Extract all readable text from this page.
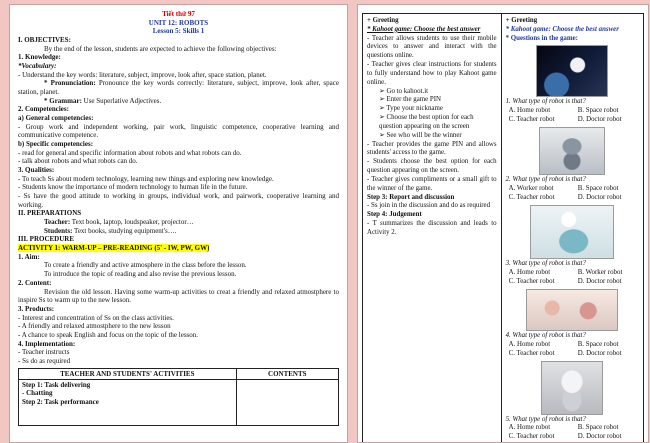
Tiết thứ 97

UNIT 12: ROBOTS

Lesson 5: Skills 1

I. OBJECTIVES:

By the end of the lesson, students are expected to achieve the following objectives:

1. Knowledge:

*Vocabulary:

- Understand the key words: literature, subject, improve, look after, space station, planet.

* Pronunciation: Pronounce the key words correctly: literature, subject, improve, look after, space station, planet.

* Grammar: Use Superlative Adjectives.

2. Competencies:

a) General competencies:

- Group work and independent working, pair work, linguistic competence, cooperative learning and communicative competence.

b) Specific competencies:

- read for general and specific information about robots and what robots can do.

- talk about robots and what robots can do.

3. Qualities:

- To teach Ss about modern technology, learning new things and exploring new knowledge.

- Students know the importance of modern technology to human life in the future.

- Ss have the good attitude to working in groups, individual work, and pairwork, cooperative learning and working.

II. PREPARATIONS

Teacher: Text book, laptop, loudspeaker, projector…

Students: Text books, studying equipment's….

III. PROCEDURE

ACTIVITY 1: WARM-UP – PRE-READING (5' - IW, PW, GW)

1. Aim:

To create a friendly and active atmosphere in the class before the lesson.

To introduce the topic of reading and also revise the previous lesson.

2. Content:

Revision the old lesson. Having some warm-up activities to creat a friendly and relaxed atmostphere to inspire Ss to warm up to the new lesson.

3. Products:

- Interest and concentration of Ss on the class activities.

- A friendly and relaxed atmostphere to the new lesson

- A chance to speak English and focus on the topic of the lesson.

4. Implementation:

- Teacher instructs

- Ss do as required

TEACHER AND STUDENTS' ACTIVITIES	CONTENTS

Step 1: Task delivering

- Chatting

Step 2: Task performance	

+ Greeting

* Kahoot game: Choose the best answer

- Teacher allows students to use their mobile devices to answer and interact with the questions online.

- Teacher gives clear instructions for students to fully understand how to play Kahoot game online.

➢ Go to kahoot.it

➢ Enter the game PIN

➢ Type your nickname

➢ Choose the best option for each question appearing on the screen

➢ See who will be the winner

- Teacher provides the game PIN and allows students' access to the game.

- Students choose the best option for each question appearing on the screen.

- Teacher gives compliments or a small gift to the winner of the game.

Step 3: Report and discussion

- Ss join in the discussion and do as required

Step 4: Judgement

- T summarizes the discussion and leads to Activity 2.

+ Greeting

* Kahoot game: Choose the best answer

* Questions in the game:

1. What type of robot is that?

A. Home robot	B. Space robot
C. Teacher robot	D. Doctor robot

2. What type of robot is that?

A. Worker robot	B. Space robot
C. Teacher robot	D. Doctor robot

3. What type of robot is that?

A. Home robot	B. Worker robot
C. Teacher robot	D. Doctor robot

4. What type of robot is that?

A. Home robot	B. Space robot
C. Teacher robot	D. Doctor robot

5. What type of robot is that?

A. Home robot	B. Space robot
C. Teacher robot	D. Doctor robot
